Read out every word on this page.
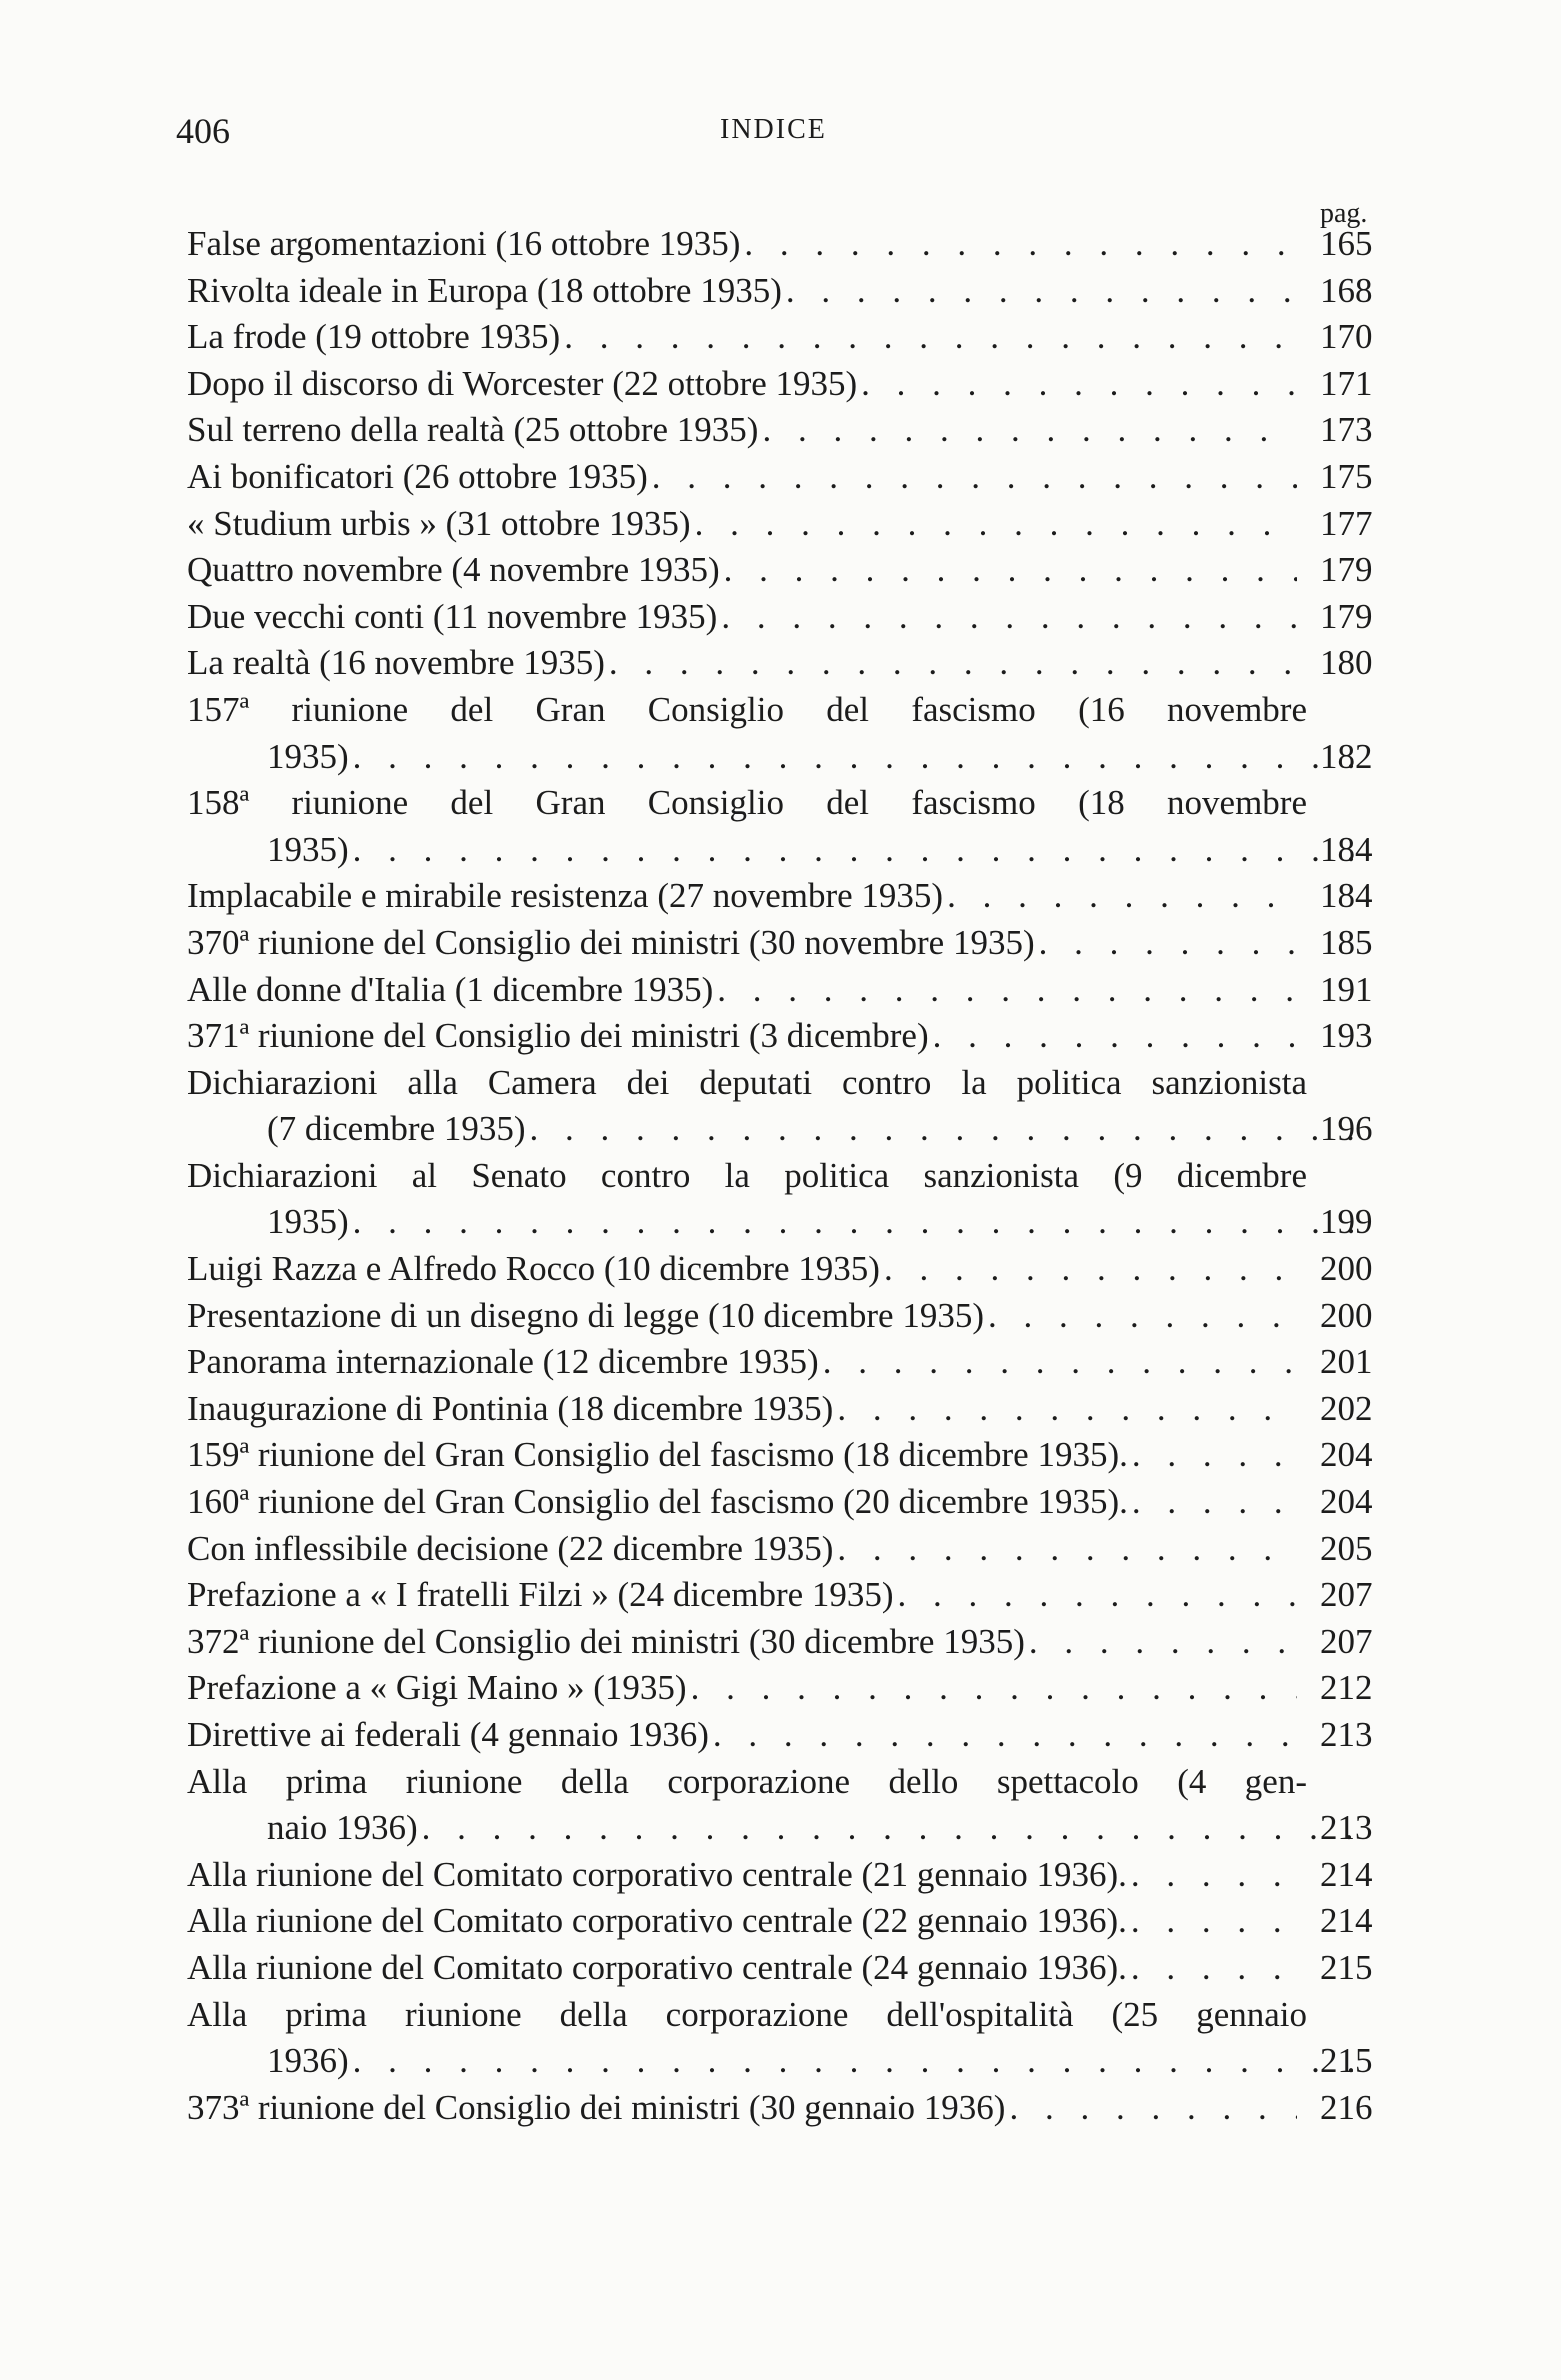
406	INDICE
pag.
False argomentazioni (16 ottobre 1935) . . .	165
Rivolta ideale in Europa (18 ottobre 1935) . . .	168
La frode (19 ottobre 1935) . . .	170
Dopo il discorso di Worcester (22 ottobre 1935) . . .	171
Sul terreno della realtà (25 ottobre 1935) . . .	173
Ai bonificatori (26 ottobre 1935) . . .	175
« Studium urbis » (31 ottobre 1935) . . .	177
Quattro novembre (4 novembre 1935) . . .	179
Due vecchi conti (11 novembre 1935) . . .	179
La realtà (16 novembre 1935) . . .	180
157ª riunione del Gran Consiglio del fascismo (16 novembre
1935) . . .	182
158ª riunione del Gran Consiglio del fascismo (18 novembre
1935) . . .	184
Implacabile e mirabile resistenza (27 novembre 1935) . . .	184
370ª riunione del Consiglio dei ministri (30 novembre 1935) . . .	185
Alle donne d'Italia (1 dicembre 1935) . . .	191
371ª riunione del Consiglio dei ministri (3 dicembre) . . .	193
Dichiarazioni alla Camera dei deputati contro la politica sanzionista
(7 dicembre 1935) . . .	196
Dichiarazioni al Senato contro la politica sanzionista (9 dicembre
1935) . . .	199
Luigi Razza e Alfredo Rocco (10 dicembre 1935) . . .	200
Presentazione di un disegno di legge (10 dicembre 1935) . . .	200
Panorama internazionale (12 dicembre 1935) . . .	201
Inaugurazione di Pontinia (18 dicembre 1935) . . .	202
159ª riunione del Gran Consiglio del fascismo (18 dicembre 1935). . . .	204
160ª riunione del Gran Consiglio del fascismo (20 dicembre 1935). . . .	204
Con inflessibile decisione (22 dicembre 1935) . . .	205
Prefazione a « I fratelli Filzi » (24 dicembre 1935) . . .	207
372ª riunione del Consiglio dei ministri (30 dicembre 1935) . . .	207
Prefazione a « Gigi Maino » (1935) . . .	212
Direttive ai federali (4 gennaio 1936) . . .	213
Alla prima riunione della corporazione dello spettacolo (4 gen-
naio 1936) . . .	213
Alla riunione del Comitato corporativo centrale (21 gennaio 1936). . . .	214
Alla riunione del Comitato corporativo centrale (22 gennaio 1936). . . .	214
Alla riunione del Comitato corporativo centrale (24 gennaio 1936). . . .	215
Alla prima riunione della corporazione dell'ospitalità (25 gennaio
1936) . . .	215
373ª riunione del Consiglio dei ministri (30 gennaio 1936) . . .	216
